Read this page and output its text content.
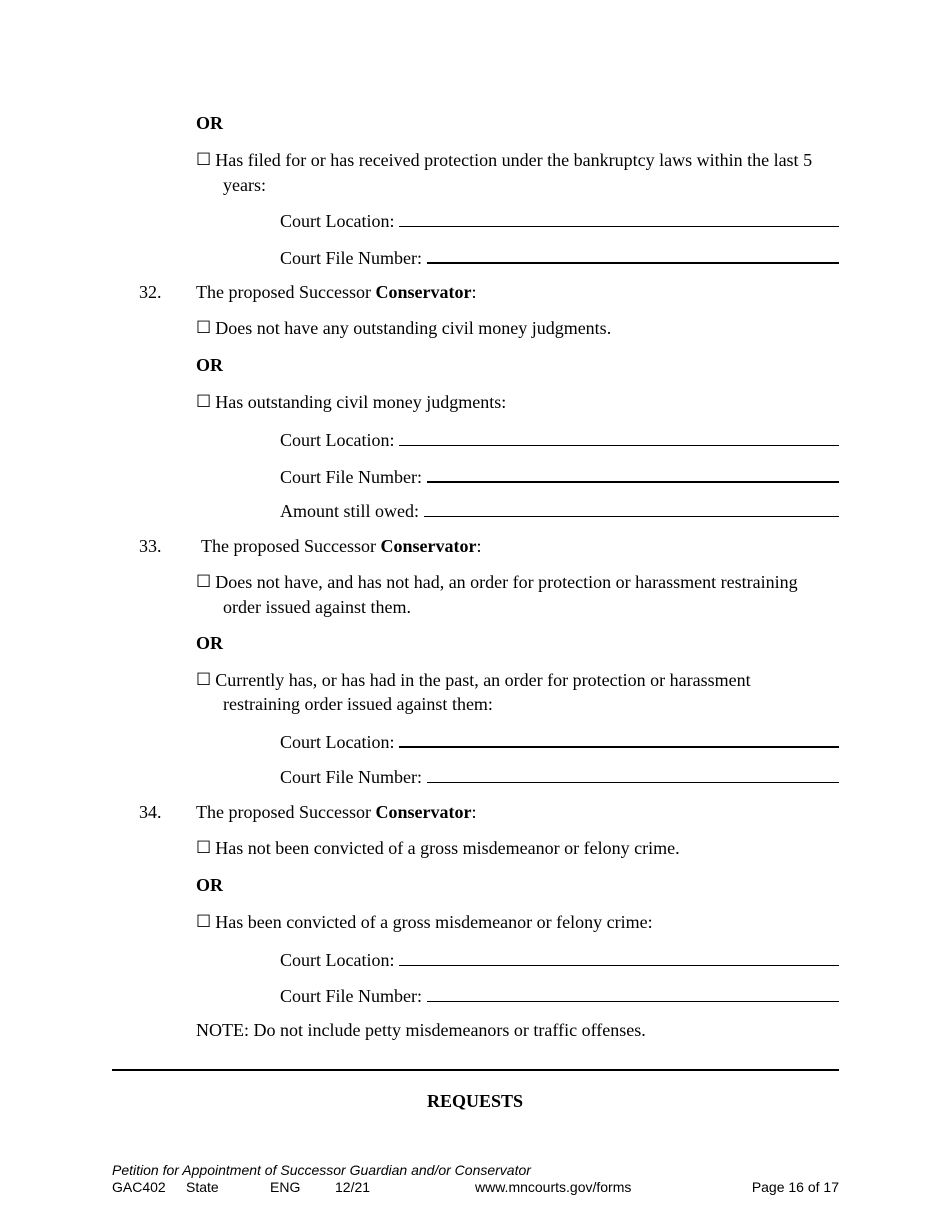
OR
☐ Has filed for or has received protection under the bankruptcy laws within the last 5
years:
Court Location:
Court File Number:
32. The proposed Successor Conservator:
☐ Does not have any outstanding civil money judgments.
OR
☐ Has outstanding civil money judgments:
Court Location:
Court File Number:
Amount still owed:
33. The proposed Successor Conservator:
☐ Does not have, and has not had, an order for protection or harassment restraining
order issued against them.
OR
☐ Currently has, or has had in the past, an order for protection or harassment
restraining order issued against them:
Court Location:
Court File Number:
34. The proposed Successor Conservator:
☐ Has not been convicted of a gross misdemeanor or felony crime.
OR
☐ Has been convicted of a gross misdemeanor or felony crime:
Court Location:
Court File Number:
NOTE: Do not include petty misdemeanors or traffic offenses.
REQUESTS
Petition for Appointment of Successor Guardian and/or Conservator
GAC402 State	ENG 12/21	www.mncourts.gov/forms	Page 16 of 17
